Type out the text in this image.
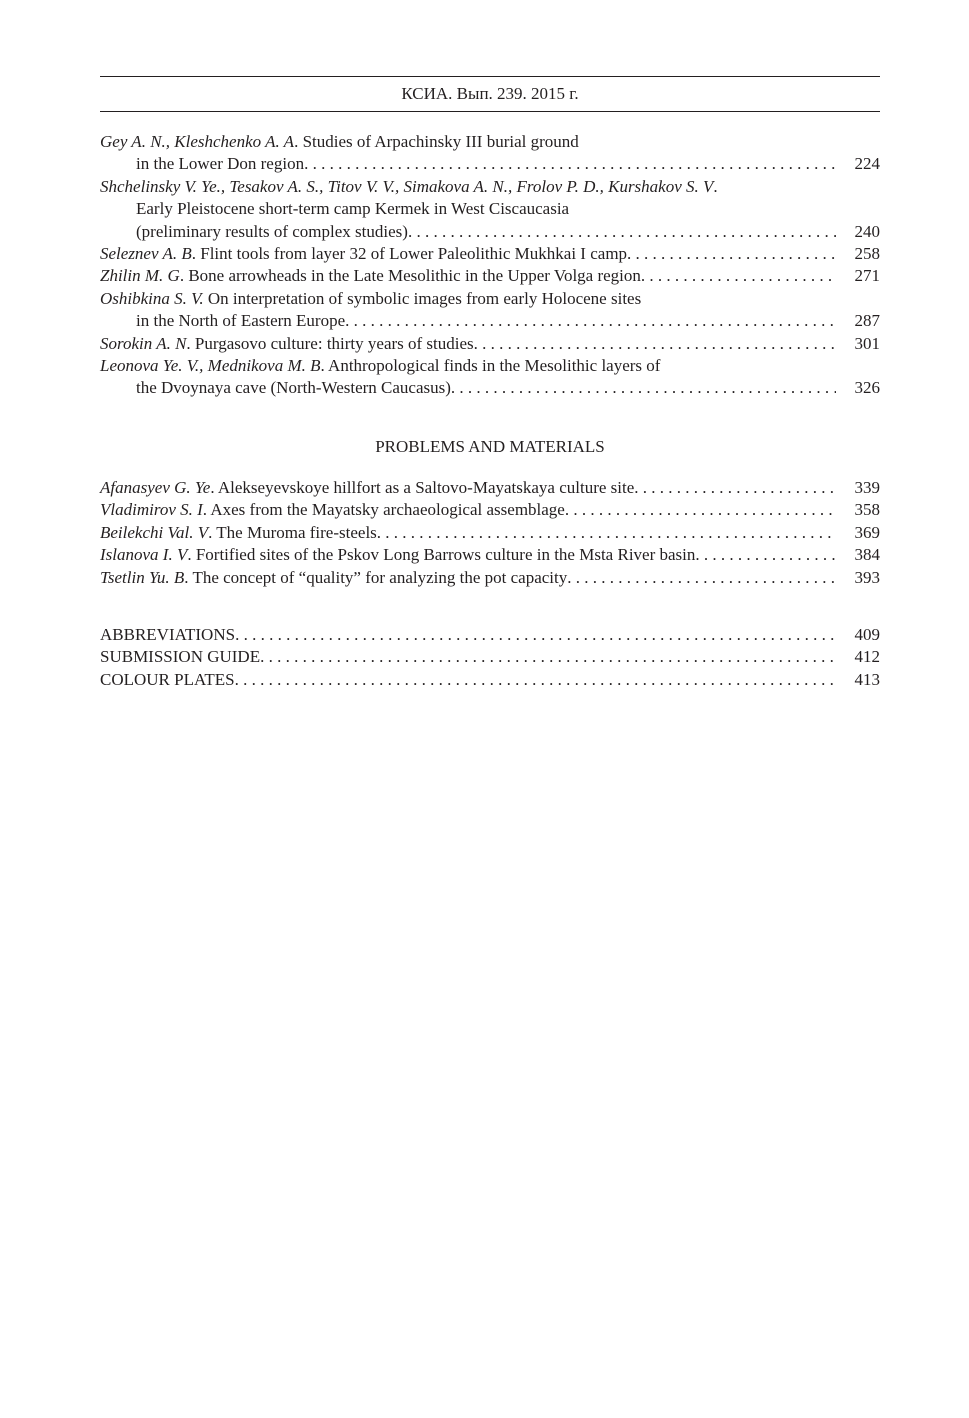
КСИА. Вып. 239. 2015 г.
Gey A. N., Kleshchenko A. A. Studies of Arpachinsky III burial ground
in the Lower Don region . . .	224
Shchelinsky V. Ye., Tesakov A. S., Titov V. V., Simakova A. N., Frolov P. D., Kurshakov S. V.
Early Pleistocene short-term camp Kermek in West Ciscaucasia
(preliminary results of complex studies) . . .	240
Seleznev A. B. Flint tools from layer 32 of Lower Paleolithic Mukhkai I camp . . .	258
Zhilin M. G. Bone arrowheads in the Late Mesolithic in the Upper Volga region . . .	271
Oshibkina S. V. On interpretation of symbolic images from early Holocene sites
in the North of Eastern Europe . . .	287
Sorokin A. N. Purgasovo culture: thirty years of studies . . .	301
Leonova Ye. V., Mednikova M. B. Anthropological finds in the Mesolithic layers of
the Dvoynaya cave (North-Western Caucasus) . . .	326
PROBLEMS AND MATERIALS
Afanasyev G. Ye. Alekseyevskoye hillfort as a Saltovo-Mayatskaya culture site . . .	339
Vladimirov S. I. Axes from the Mayatsky archaeological assemblage . . .	358
Beilekchi Val. V. The Muroma fire-steels . . .	369
Islanova I. V. Fortified sites of the Pskov Long Barrows culture in the Msta River basin . . .	384
Tsetlin Yu. B. The concept of “quality” for analyzing the pot capacity . . .	393
ABBREVIATIONS . . .	409
SUBMISSION GUIDE . . .	412
COLOUR PLATES . . .	413
